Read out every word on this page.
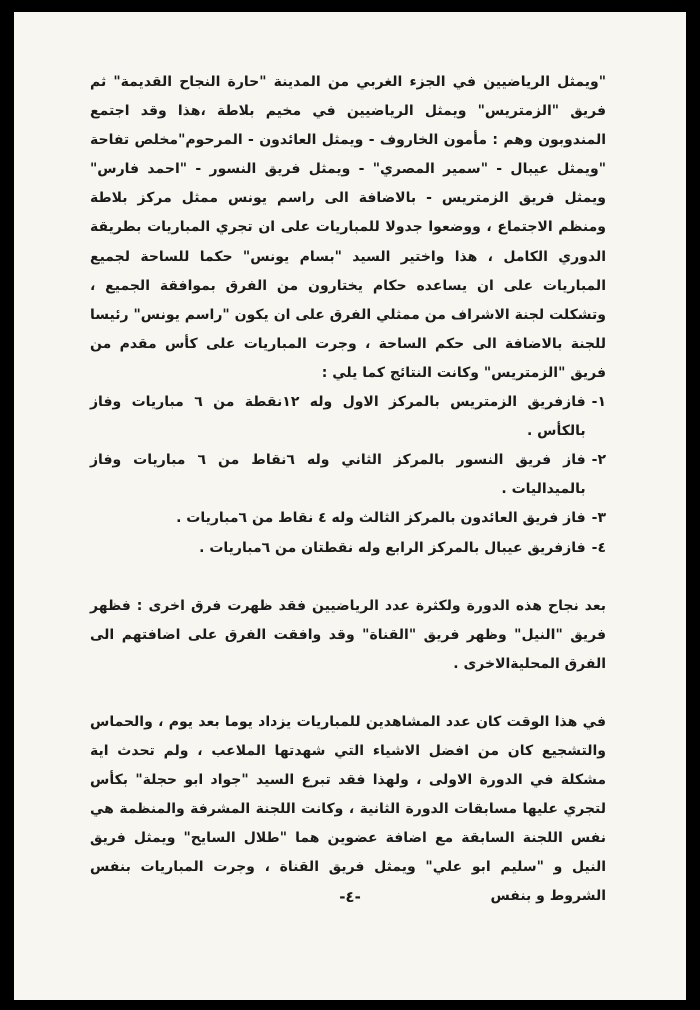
"ويمثل الرياضيين في الجزء الغربي من المدينة "حارة النجاح القديمة" ثم فريق "الزمتريس" ويمثل الرياضيين في مخيم بلاطة ،هذا وقد اجتمع المندوبون وهم : مأمون الخاروف - ويمثل العائدون - المرحوم"مخلص تفاحة "ويمثل عيبال - "سمير المصري" - ويمثل فريق النسور - "احمد فارس" ويمثل فريق الزمتريس - بالاضافة الى راسم يونس ممثل مركز بلاطة ومنظم الاجتماع ، ووضعوا جدولا للمباريات على ان تجري المباريات بطريقة الدوري الكامل ، هذا واختير السيد "بسام يونس" حكما للساحة لجميع المباريات على ان يساعده حكام يختارون من الفرق بموافقة الجميع ، وتشكلت لجنة الاشراف من ممثلي الفرق على ان يكون "راسم يونس" رئيسا للجنة بالاضافة الى حكم الساحة ، وجرت المباريات على كأس مقدم من فريق "الزمتريس" وكانت النتائج كما يلي :

١-
فازفريق الزمتريس بالمركز الاول وله ١٢نقطة من ٦ مباريات وفاز بالكأس .
٢-
فاز فريق النسور بالمركز الثاني وله ٦نقاط من ٦ مباريات وفاز بالميداليات .
٣-
فاز فريق العائدون بالمركز الثالث وله ٤ نقاط من ٦مباريات .
٤-
فازفريق عيبال بالمركز الرابع وله نقطتان من ٦مباريات .

بعد نجاح هذه الدورة ولكثرة عدد الرياضيين فقد ظهرت فرق اخرى : فظهر فريق "النيل" وظهر فريق "القناة" وقد وافقت الفرق على اضافتهم الى الفرق المحليةالاخرى .

في هذا الوقت كان عدد المشاهدين للمباريات يزداد يوما بعد يوم ، والحماس والتشجيع كان من افضل الاشياء التي شهدتها الملاعب ، ولم تحدث اية مشكلة في الدورة الاولى ، ولهذا فقد تبرع السيد "جواد ابو حجلة" بكأس لتجري عليها مسابقات الدورة الثانية ، وكانت اللجنة المشرفة والمنظمة هي نفس اللجنة السابقة مع اضافة عضوين هما "طلال السايح" ويمثل فريق النيل و "سليم ابو علي" ويمثل فريق القناة ، وجرت المباريات بنفس الشروط و بنفس

-٤-
